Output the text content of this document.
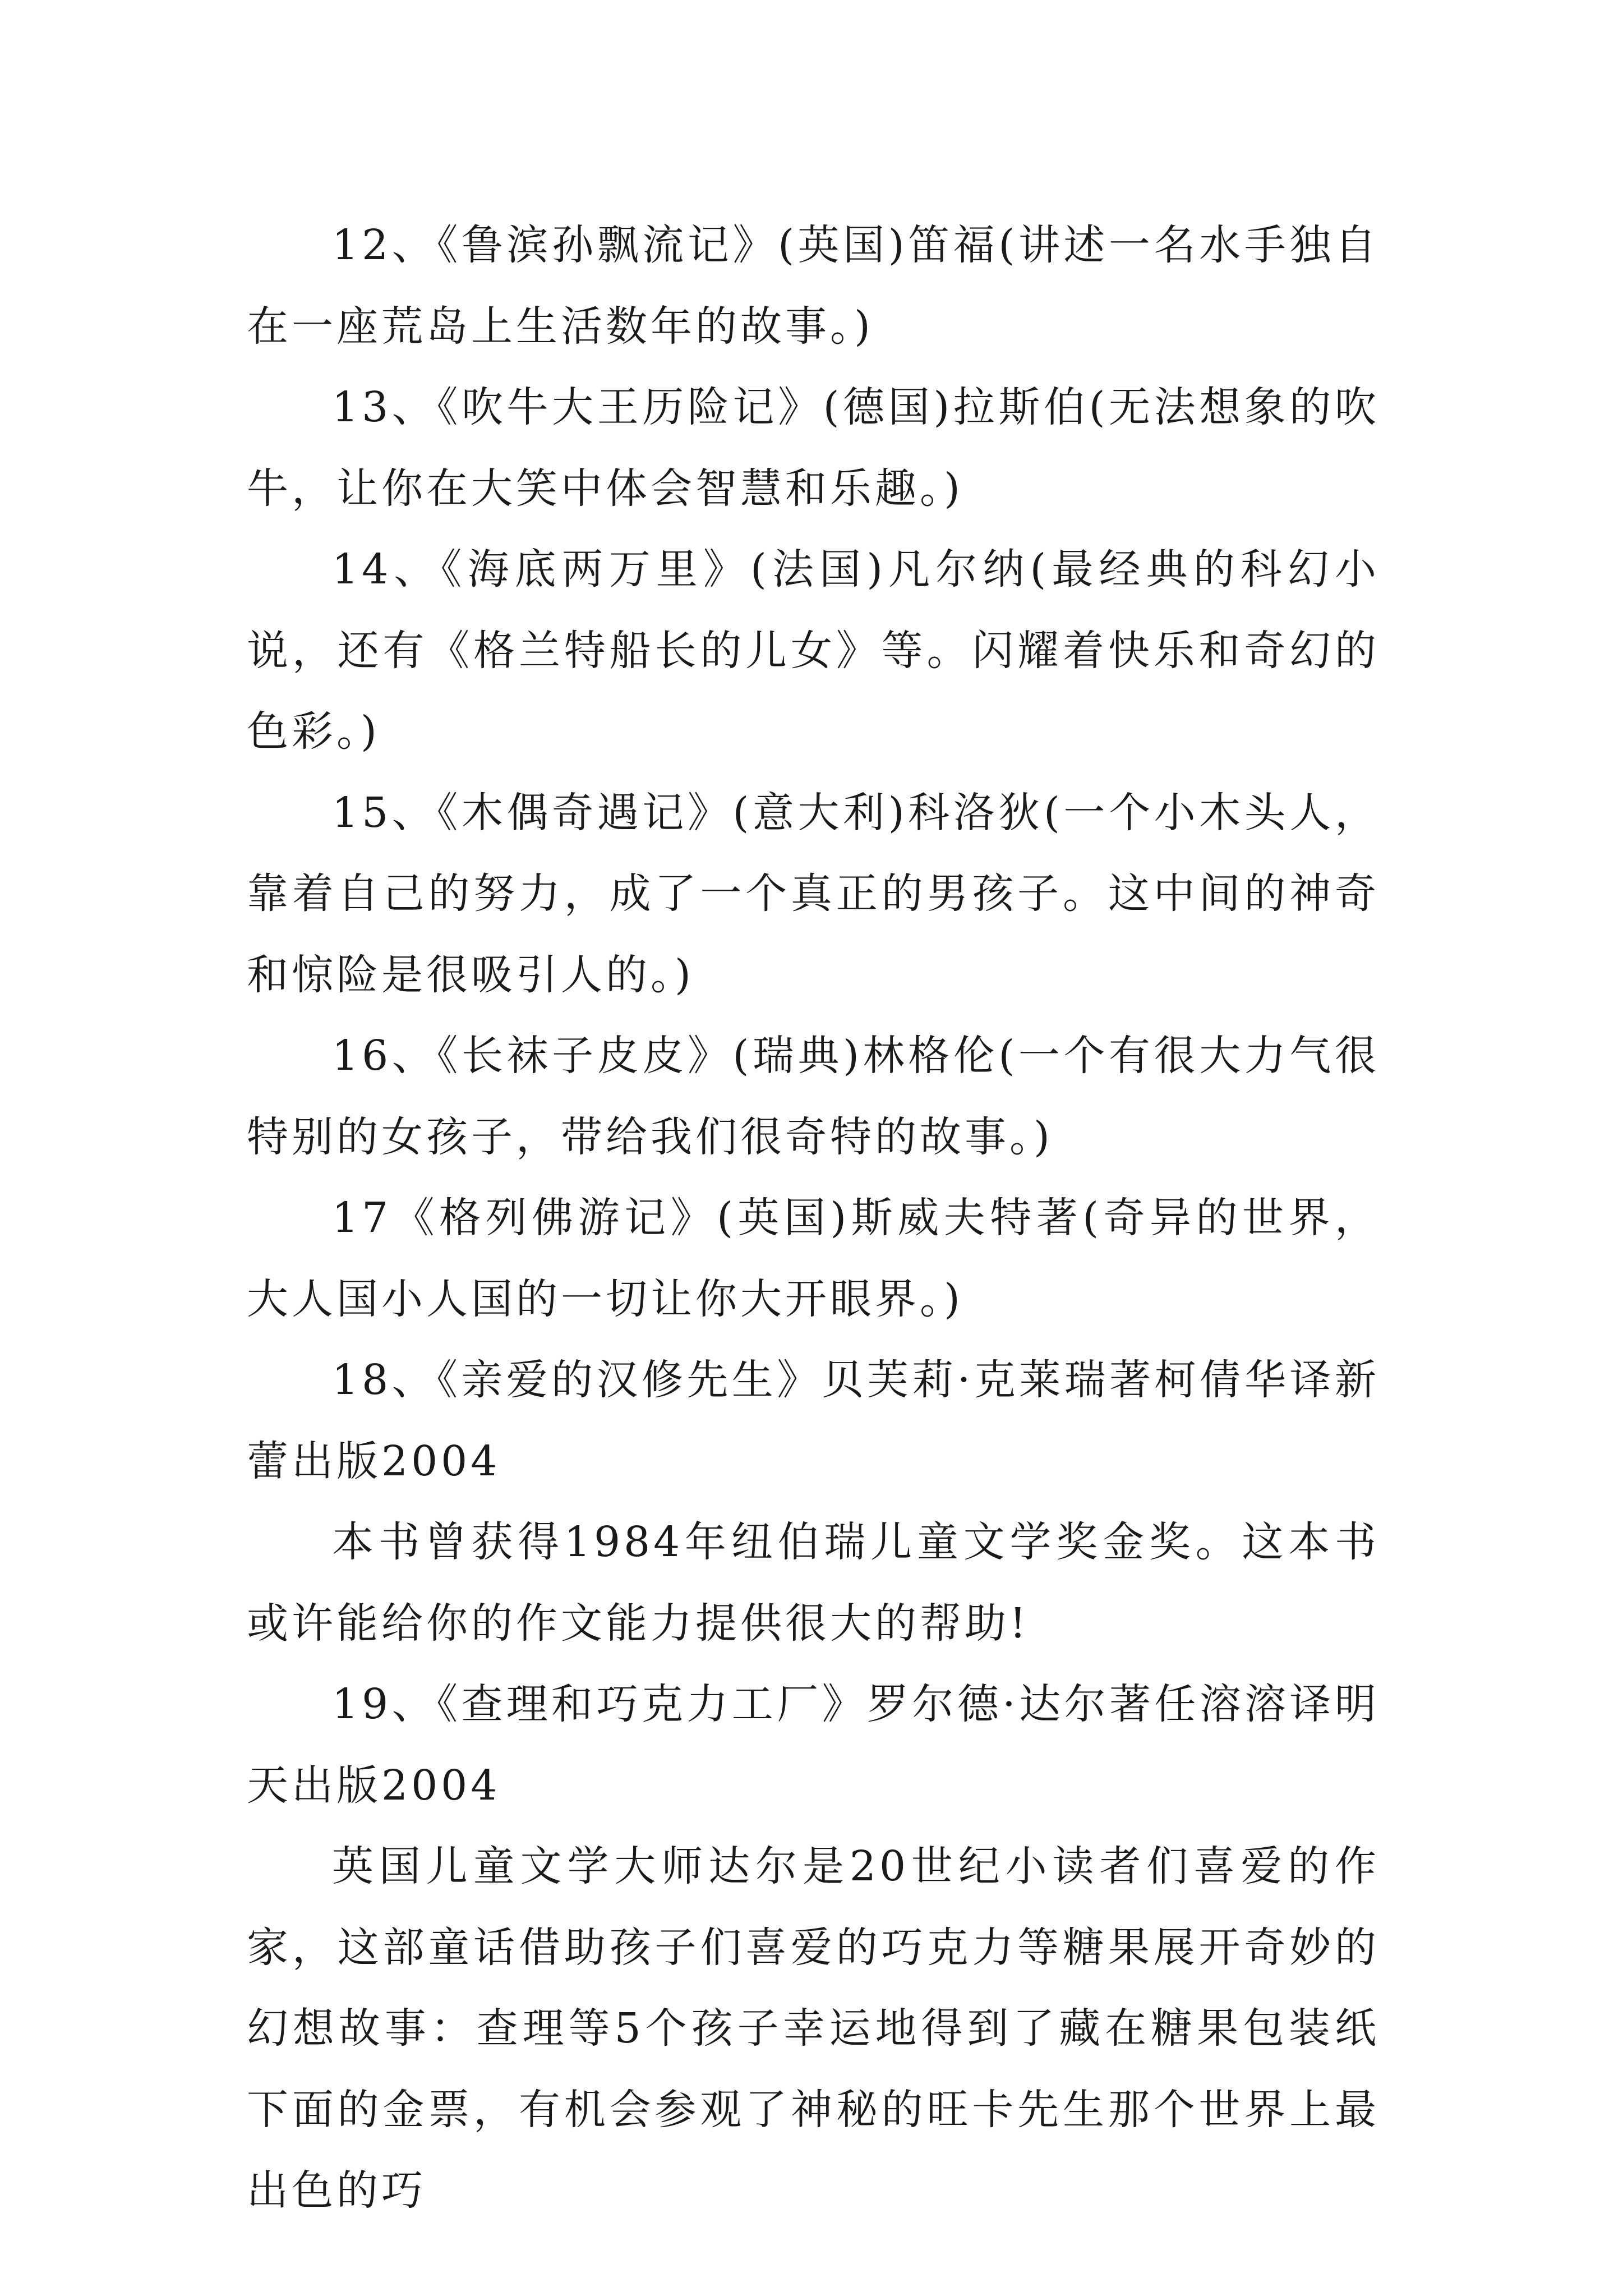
12、《鲁滨孙飘流记》(英国)笛福(讲述一名水手独自在一座荒岛上生活数年的故事。)

13、《吹牛大王历险记》(德国)拉斯伯(无法想象的吹牛，让你在大笑中体会智慧和乐趣。)

14、《海底两万里》(法国)凡尔纳(最经典的科幻小说，还有《格兰特船长的儿女》等。闪耀着快乐和奇幻的色彩。)

15、《木偶奇遇记》(意大利)科洛狄(一个小木头人，靠着自己的努力，成了一个真正的男孩子。这中间的神奇和惊险是很吸引人的。)

16、《长袜子皮皮》(瑞典)林格伦(一个有很大力气很特别的女孩子，带给我们很奇特的故事。)

17《格列佛游记》(英国)斯威夫特著(奇异的世界，大人国小人国的一切让你大开眼界。)

18、《亲爱的汉修先生》贝芙莉·克莱瑞著柯倩华译新蕾出版2004

本书曾获得1984年纽伯瑞儿童文学奖金奖。这本书或许能给你的作文能力提供很大的帮助!

19、《查理和巧克力工厂》罗尔德·达尔著任溶溶译明天出版2004

英国儿童文学大师达尔是20世纪小读者们喜爱的作家，这部童话借助孩子们喜爱的巧克力等糖果展开奇妙的幻想故事：查理等5个孩子幸运地得到了藏在糖果包装纸下面的金票，有机会参观了神秘的旺卡先生那个世界上最出色的巧
